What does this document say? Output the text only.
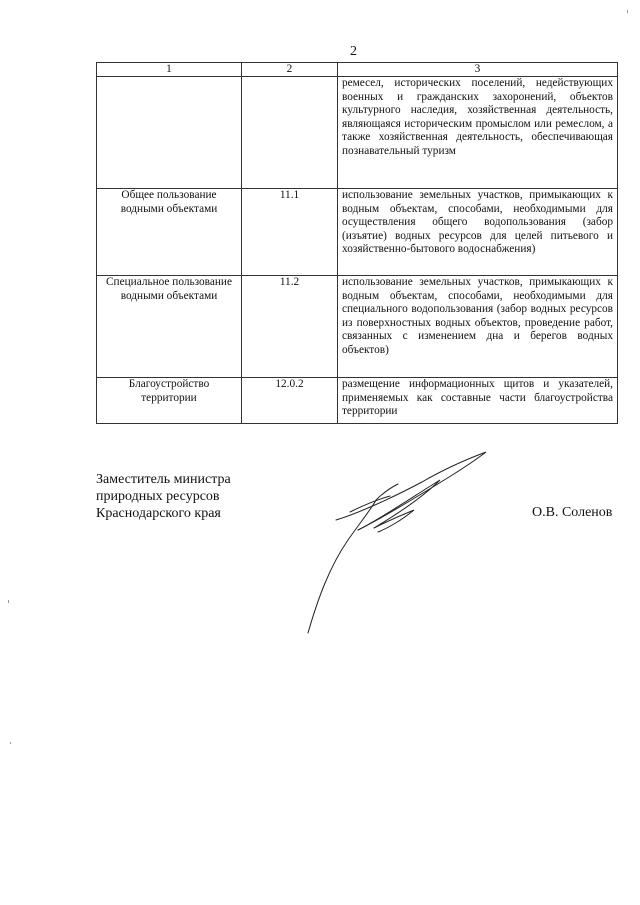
2
1	2	3

		ремесел, исторических поселений, недействующих военных и гражданских захоронений, объектов культурного наследия, хозяйственная деятельность, являющаяся историческим промыслом или ремеслом, а также хозяйственная деятельность, обеспечивающая познавательный туризм

Общее пользование водными объектами	11.1	использование земельных участков, примыкающих к водным объектам, способами, необходимыми для осуществления общего водопользования (забор (изъятие) водных ресурсов для целей питьевого и хозяйственно-бытового водоснабжения)

Специальное пользование водными объектами	11.2	использование земельных участков, примыкающих к водным объектам, способами, необходимыми для специального водопользования (забор водных ресурсов из поверхностных водных объектов, проведение работ, связанных с изменением дна и берегов водных объектов)

Благоустройство территории	12.0.2	размещение информационных щитов и указателей, применяемых как составные части благоустройства территории
Заместитель министра
природных ресурсов
Краснодарского края	О.В. Соленов
